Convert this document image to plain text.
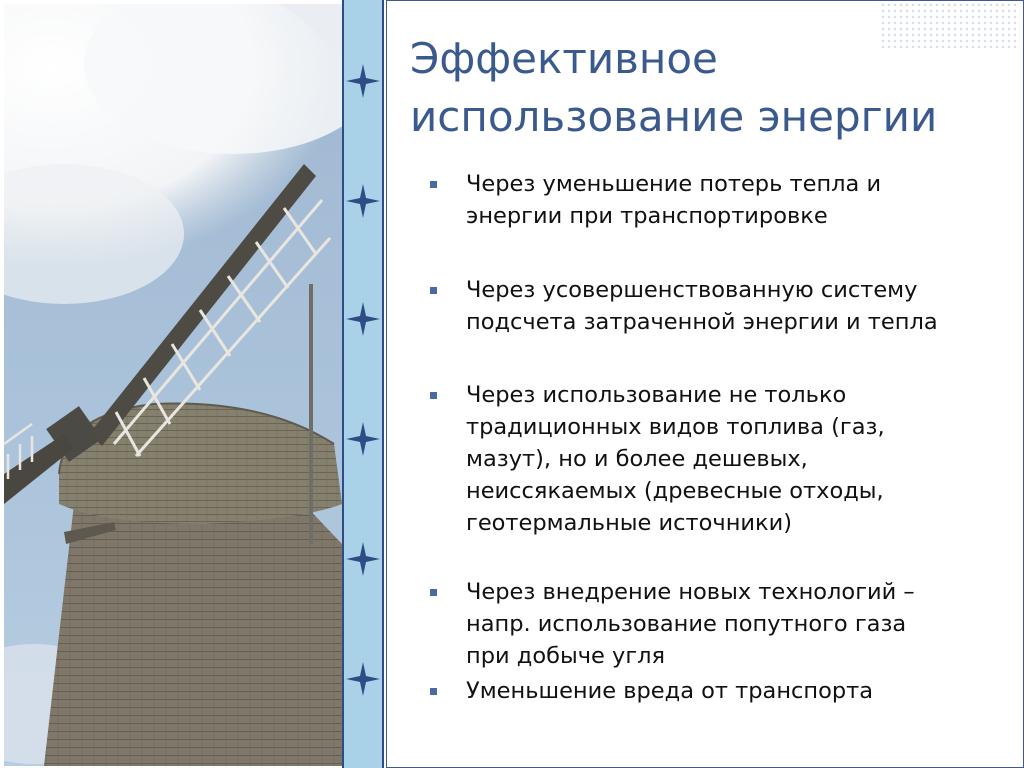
Эффективное
использование энергии
Через уменьшение потерь тепла и
энергии при транспортировке
Через усовершенствованную систему
подсчета затраченной энергии и тепла
Через использование не только
традиционных видов топлива (газ,
мазут), но и более дешевых,
неиссякаемых (древесные отходы,
геотермальные источники)
Через внедрение новых технологий –
напр. использование попутного газа
при добыче угля
Уменьшение вреда от транспорта
